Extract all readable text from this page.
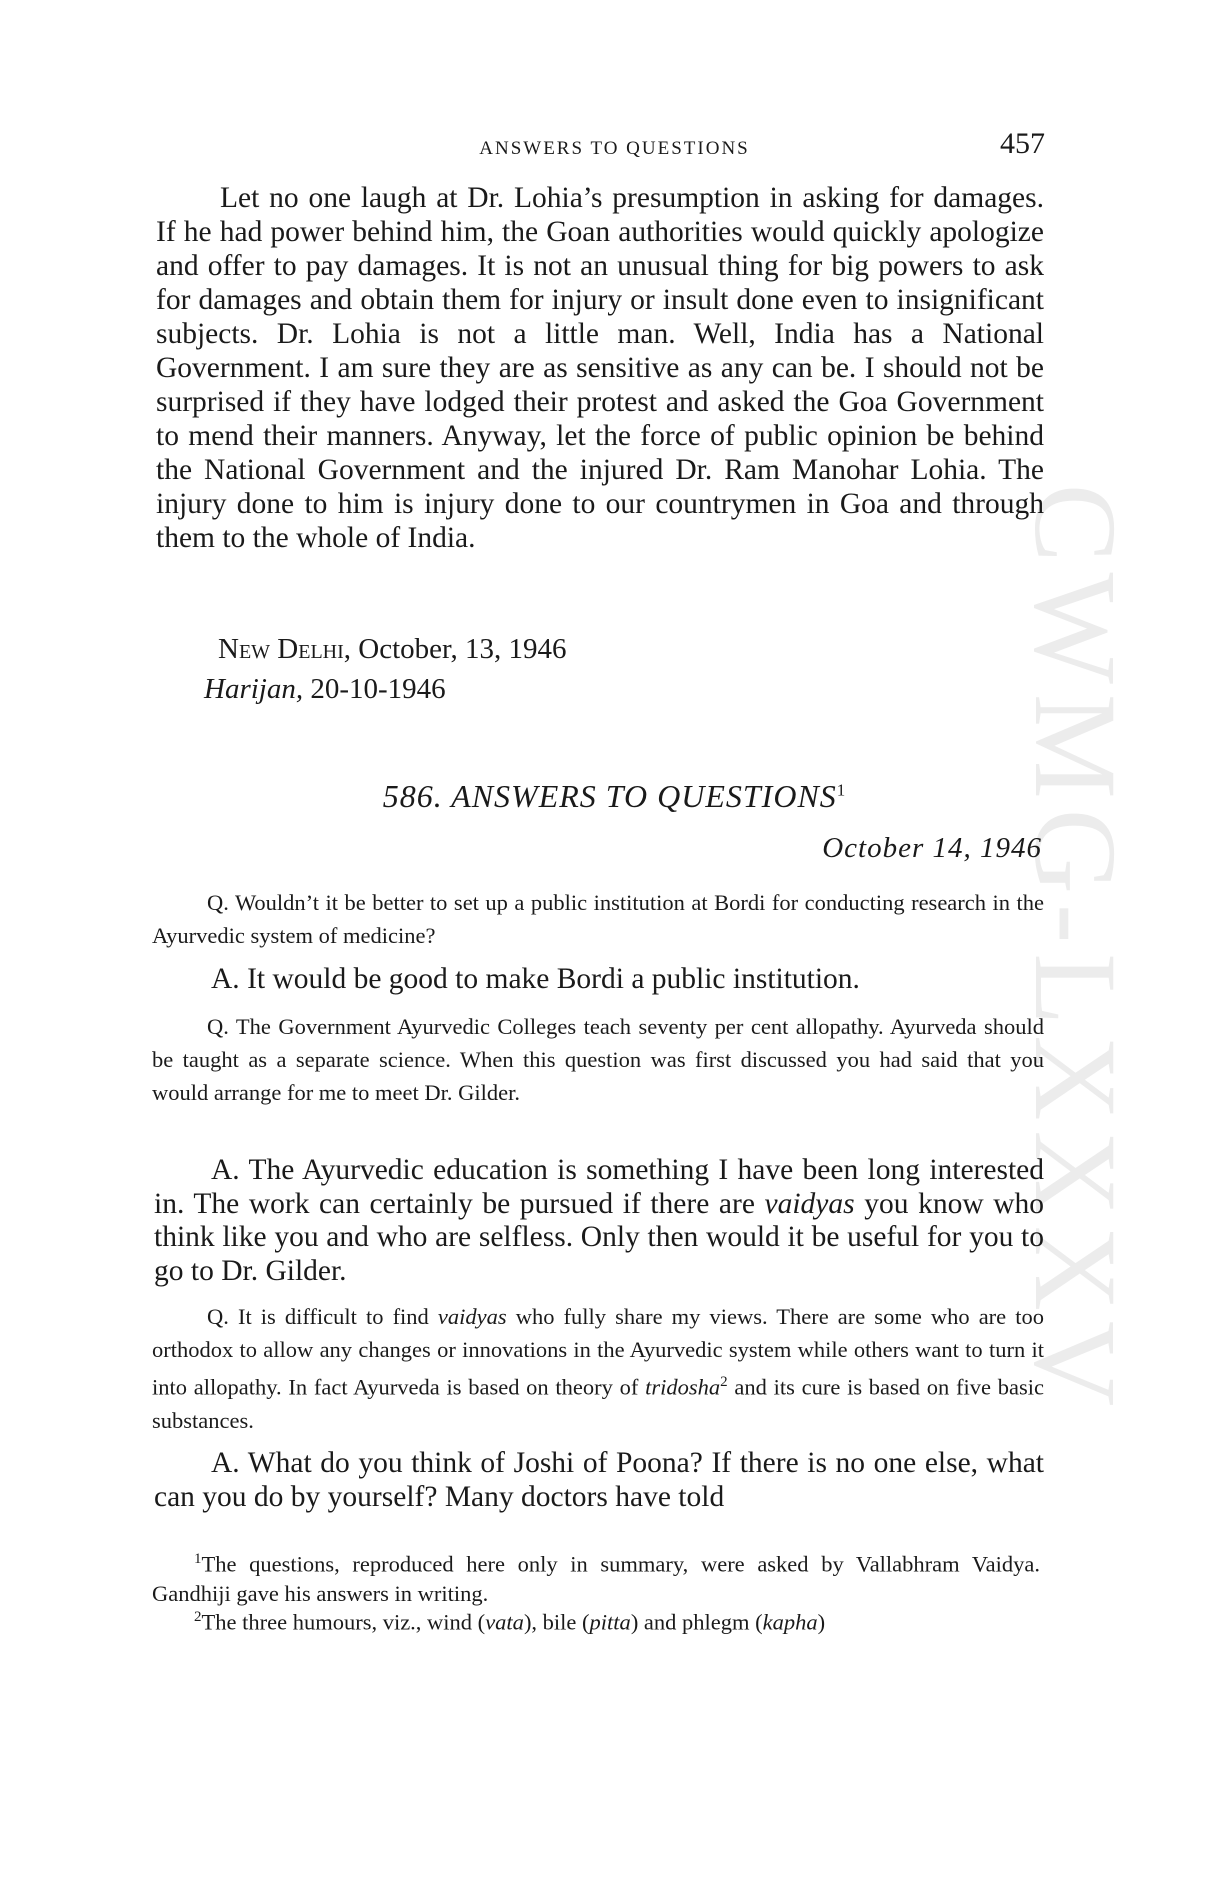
CWMG-LXXXV
ANSWERS TO QUESTIONS	457

Let no one laugh at Dr. Lohia’s presumption in asking for damages. If he had power behind him, the Goan authorities would quickly apologize and offer to pay damages. It is not an unusual thing for big powers to ask for damages and obtain them for injury or insult done even to insignificant subjects. Dr. Lohia is not a little man. Well, India has a National Government. I am sure they are as sensitive as any can be. I should not be surprised if they have lodged their protest and asked the Goa Government to mend their manners. Anyway, let the force of public opinion be behind the National Government and the injured Dr. Ram Manohar Lohia. The injury done to him is injury done to our countrymen in Goa and through them to the whole of India.

New Delhi, October, 13, 1946
Harijan, 20-10-1946
586. ANSWERS TO QUESTIONS$^1$
October 14, 1946

Q. Wouldn’t it be better to set up a public institution at Bordi for conducting research in the Ayurvedic system of medicine?

A. It would be good to make Bordi a public institution.

Q. The Government Ayurvedic Colleges teach seventy per cent allopathy. Ayurveda should be taught as a separate science. When this question was first discussed you had said that you would arrange for me to meet Dr. Gilder.

A. The Ayurvedic education is something I have been long interested in. The work can certainly be pursued if there are vaidyas you know who think like you and who are selfless. Only then would it be useful for you to go to Dr. Gilder.

Q. It is difficult to find vaidyas who fully share my views. There are some who are too orthodox to allow any changes or innovations in the Ayurvedic system while others want to turn it into allopathy. In fact Ayurveda is based on theory of tridosha$^2$ and its cure is based on five basic substances.

A. What do you think of Joshi of Poona? If there is no one else, what can you do by yourself? Many doctors have told

$^1$The questions, reproduced here only in summary, were asked by Vallabhram Vaidya. Gandhiji gave his answers in writing.

$^2$The three humours, viz., wind (vata), bile (pitta) and phlegm (kapha)
